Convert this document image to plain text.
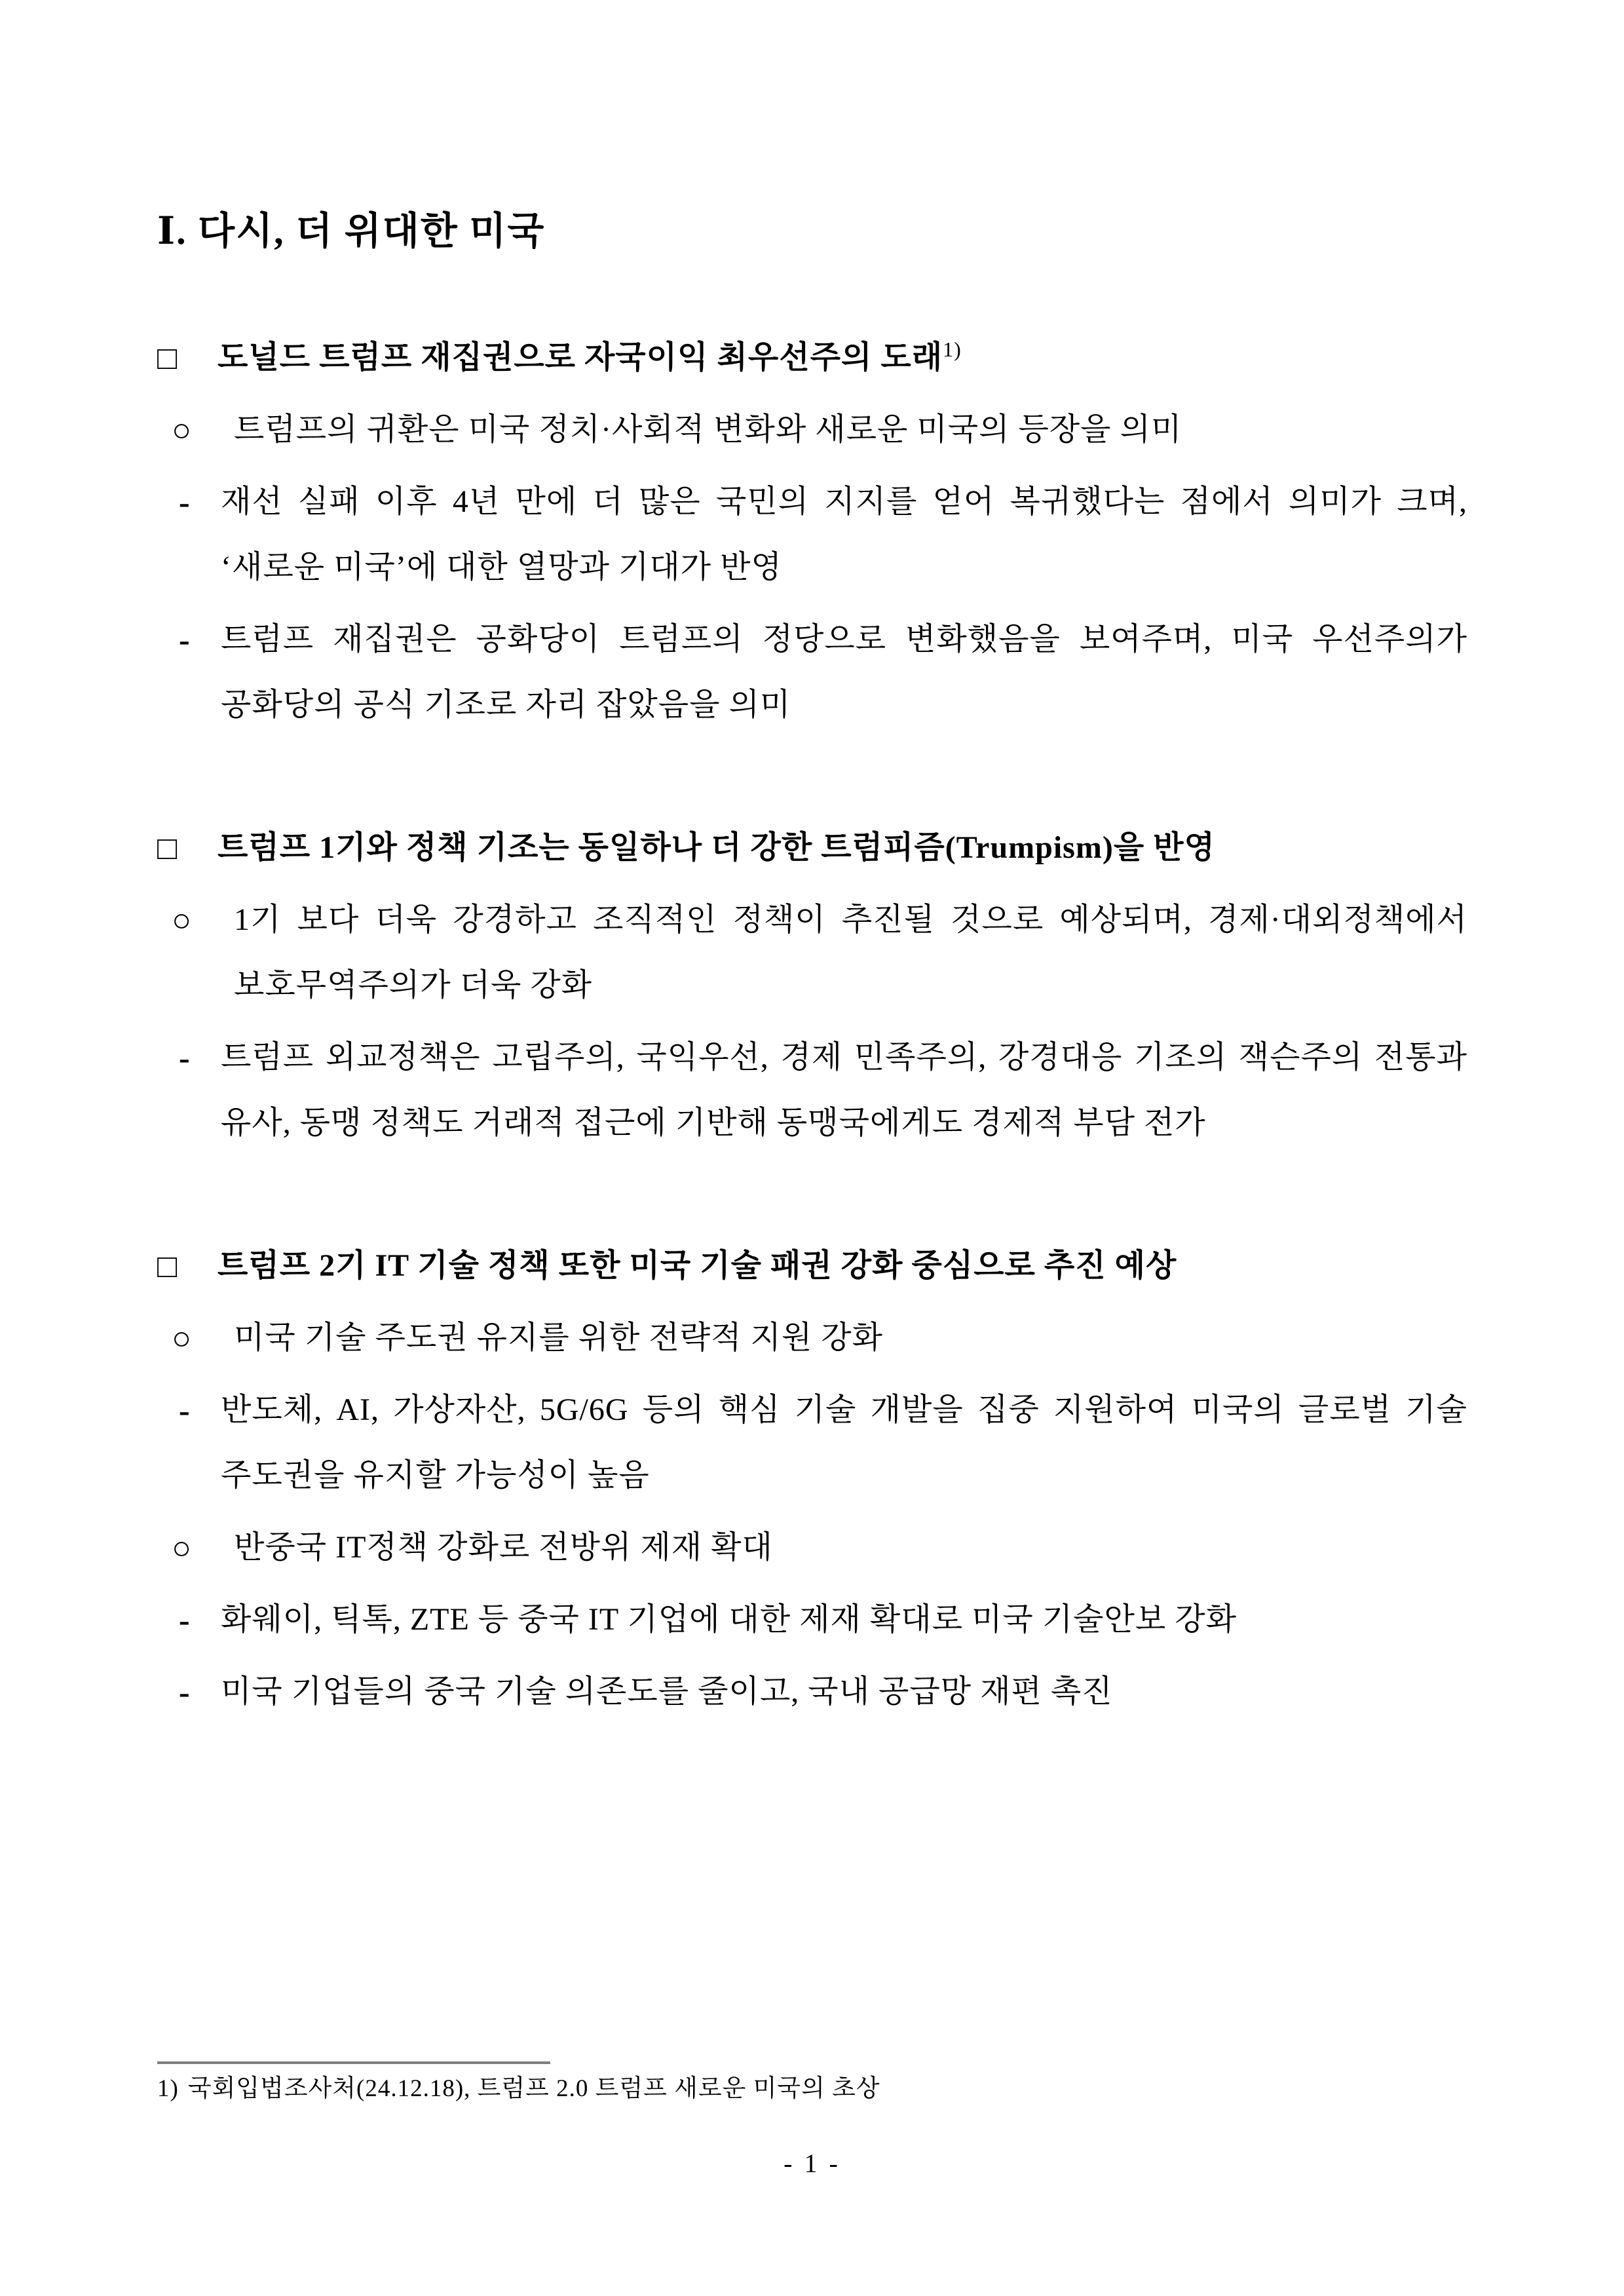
Ⅰ. 다시, 더 위대한 미국
□ 도널드 트럼프 재집권으로 자국이익 최우선주의 도래$^{1)}$
○ 트럼프의 귀환은 미국 정치·사회적 변화와 새로운 미국의 등장을 의미
- 재선 실패 이후 4년 만에 더 많은 국민의 지지를 얻어 복귀했다는 점에서 의미가 크며, ‘새로운 미국’에 대한 열망과 기대가 반영
- 트럼프 재집권은 공화당이 트럼프의 정당으로 변화했음을 보여주며, 미국 우선주의가 공화당의 공식 기조로 자리 잡았음을 의미
□ 트럼프 1기와 정책 기조는 동일하나 더 강한 트럼피즘(Trumpism)을 반영
○ 1기 보다 더욱 강경하고 조직적인 정책이 추진될 것으로 예상되며, 경제·대외정책에서 보호무역주의가 더욱 강화
- 트럼프 외교정책은 고립주의, 국익우선, 경제 민족주의, 강경대응 기조의 잭슨주의 전통과 유사, 동맹 정책도 거래적 접근에 기반해 동맹국에게도 경제적 부담 전가
□ 트럼프 2기 IT 기술 정책 또한 미국 기술 패권 강화 중심으로 추진 예상
○ 미국 기술 주도권 유지를 위한 전략적 지원 강화
- 반도체, AI, 가상자산, 5G/6G 등의 핵심 기술 개발을 집중 지원하여 미국의 글로벌 기술 주도권을 유지할 가능성이 높음
○ 반중국 IT정책 강화로 전방위 제재 확대
- 화웨이, 틱톡, ZTE 등 중국 IT 기업에 대한 제재 확대로 미국 기술안보 강화
- 미국 기업들의 중국 기술 의존도를 줄이고, 국내 공급망 재편 촉진
1) 국회입법조사처(24.12.18), 트럼프 2.0 트럼프 새로운 미국의 초상
- 1 -
